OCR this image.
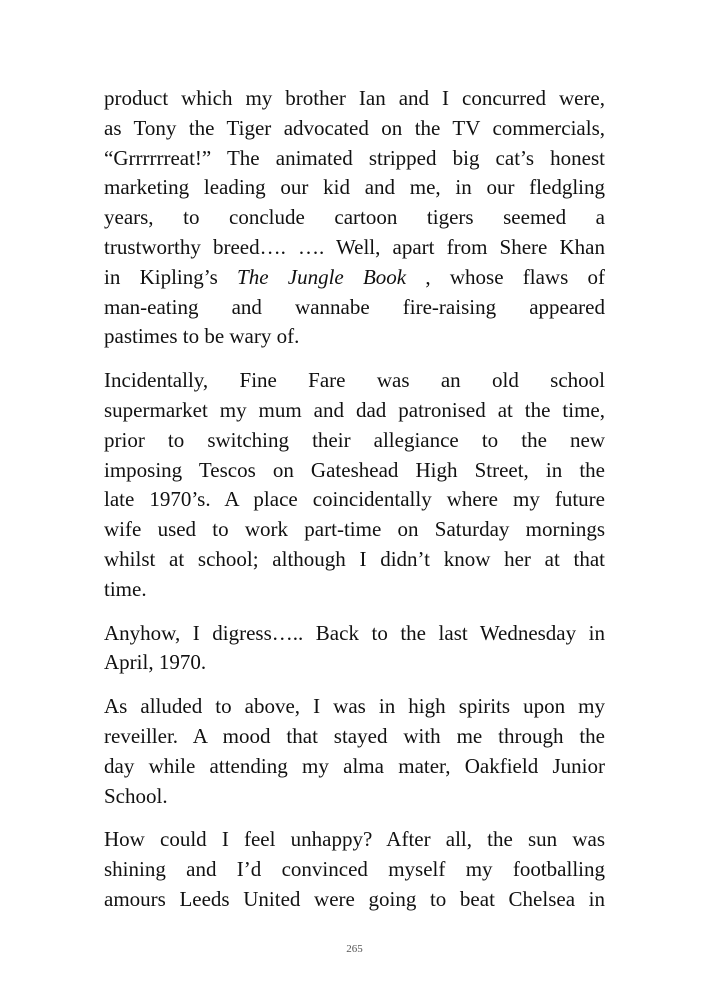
product which my brother Ian and I concurred were,
as Tony the Tiger advocated on the TV commercials,
“Grrrrrreat!” The animated stripped big cat’s honest
marketing leading our kid and me, in our fledgling
years, to conclude cartoon tigers seemed a
trustworthy breed…. …. Well, apart from Shere Khan
in Kipling’s The Jungle Book , whose flaws of
man-eating and wannabe fire-raising appeared
pastimes to be wary of.
Incidentally, Fine Fare was an old school
supermarket my mum and dad patronised at the time,
prior to switching their allegiance to the new
imposing Tescos on Gateshead High Street, in the
late 1970’s. A place coincidentally where my future
wife used to work part-time on Saturday mornings
whilst at school; although I didn’t know her at that
time.
Anyhow, I digress….. Back to the last Wednesday in
April, 1970.
As alluded to above, I was in high spirits upon my
reveiller. A mood that stayed with me through the
day while attending my alma mater, Oakfield Junior
School.
How could I feel unhappy? After all, the sun was
shining and I’d convinced myself my footballing
amours Leeds United were going to beat Chelsea in
265
